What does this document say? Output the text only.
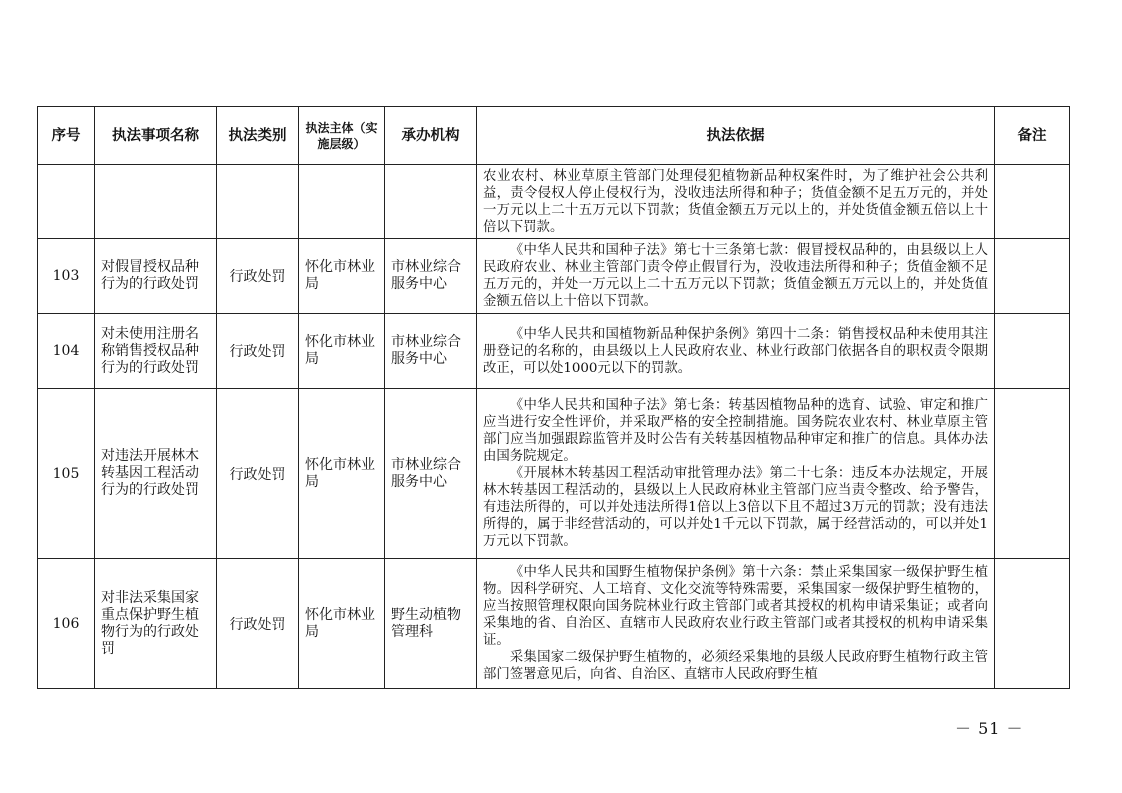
序号	执法事项名称	执法类别	执法主体（实施层级）	承办机构	执法依据	备注

					农业农村、林业草原主管部门处理侵犯植物新品种权案件时，为了维护社会公共利益，责令侵权人停止侵权行为，没收违法所得和种子；货值金额不足五万元的，并处一万元以上二十五万元以下罚款；货值金额五万元以上的，并处货值金额五倍以上十倍以下罚款。	

103	对假冒授权品种行为的行政处罚	行政处罚	怀化市林业局	市林业综合服务中心	《中华人民共和国种子法》第七十三条第七款：假冒授权品种的，由县级以上人民政府农业、林业主管部门责令停止假冒行为，没收违法所得和种子；货值金额不足五万元的，并处一万元以上二十五万元以下罚款；货值金额五万元以上的，并处货值金额五倍以上十倍以下罚款。	

104	对未使用注册名称销售授权品种行为的行政处罚	行政处罚	怀化市林业局	市林业综合服务中心	《中华人民共和国植物新品种保护条例》第四十二条：销售授权品种未使用其注册登记的名称的，由县级以上人民政府农业、林业行政部门依据各自的职权责令限期改正，可以处1000元以下的罚款。	

105	对违法开展林木转基因工程活动行为的行政处罚	行政处罚	怀化市林业局	市林业综合服务中心	《中华人民共和国种子法》第七条：转基因植物品种的选育、试验、审定和推广应当进行安全性评价，并采取严格的安全控制措施。国务院农业农村、林业草原主管部门应当加强跟踪监管并及时公告有关转基因植物品种审定和推广的信息。具体办法由国务院规定。

《开展林木转基因工程活动审批管理办法》第二十七条：违反本办法规定，开展林木转基因工程活动的，县级以上人民政府林业主管部门应当责令整改、给予警告，有违法所得的，可以并处违法所得1倍以上3倍以下且不超过3万元的罚款；没有违法所得的，属于非经营活动的，可以并处1千元以下罚款，属于经营活动的，可以并处1万元以下罚款。	

106	对非法采集国家重点保护野生植物行为的行政处罚	行政处罚	怀化市林业局	野生动植物管理科	《中华人民共和国野生植物保护条例》第十六条：禁止采集国家一级保护野生植物。因科学研究、人工培育、文化交流等特殊需要，采集国家一级保护野生植物的，应当按照管理权限向国务院林业行政主管部门或者其授权的机构申请采集证；或者向采集地的省、自治区、直辖市人民政府农业行政主管部门或者其授权的机构申请采集证。

采集国家二级保护野生植物的，必须经采集地的县级人民政府野生植物行政主管部门签署意见后，向省、自治区、直辖市人民政府野生植	

－ 51 －
